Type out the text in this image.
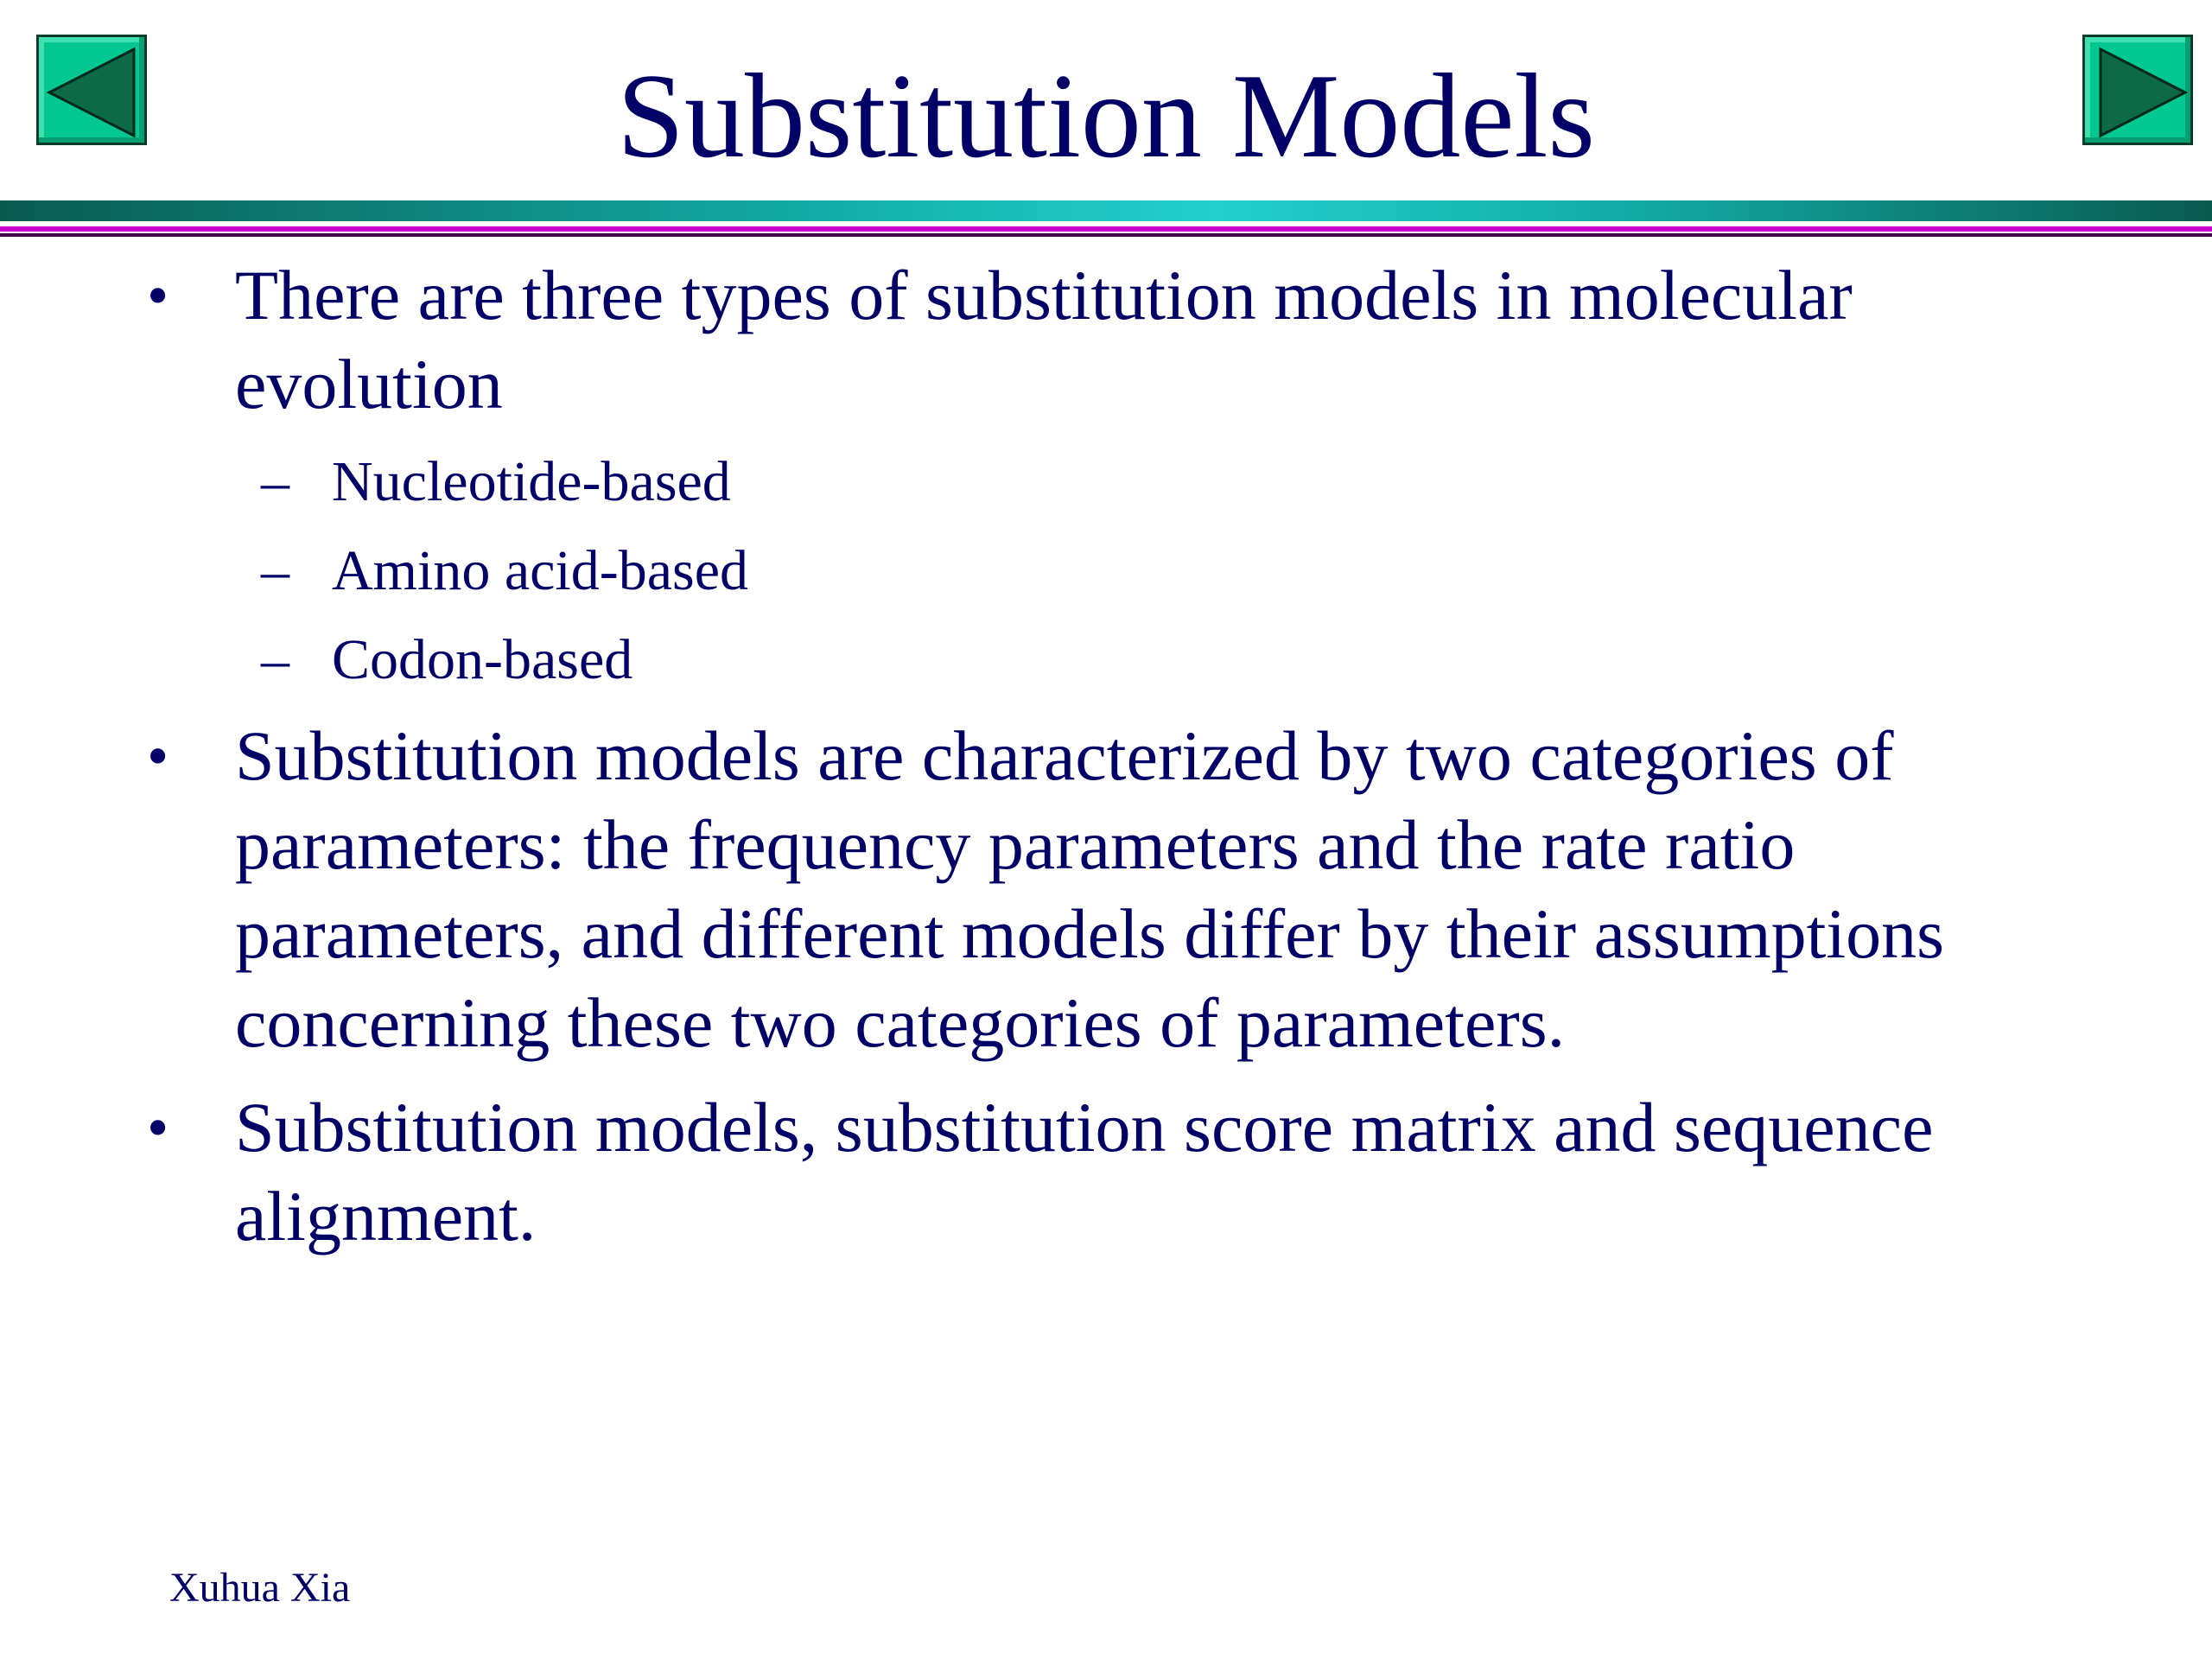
Substitution Models
• There are three types of substitution models in molecular evolution
– Nucleotide-based
– Amino acid-based
– Codon-based
• Substitution models are characterized by two categories of parameters: the frequency parameters and the rate ratio parameters, and different models differ by their assumptions concerning these two categories of parameters.
• Substitution models, substitution score matrix and sequence alignment.
Xuhua Xia
